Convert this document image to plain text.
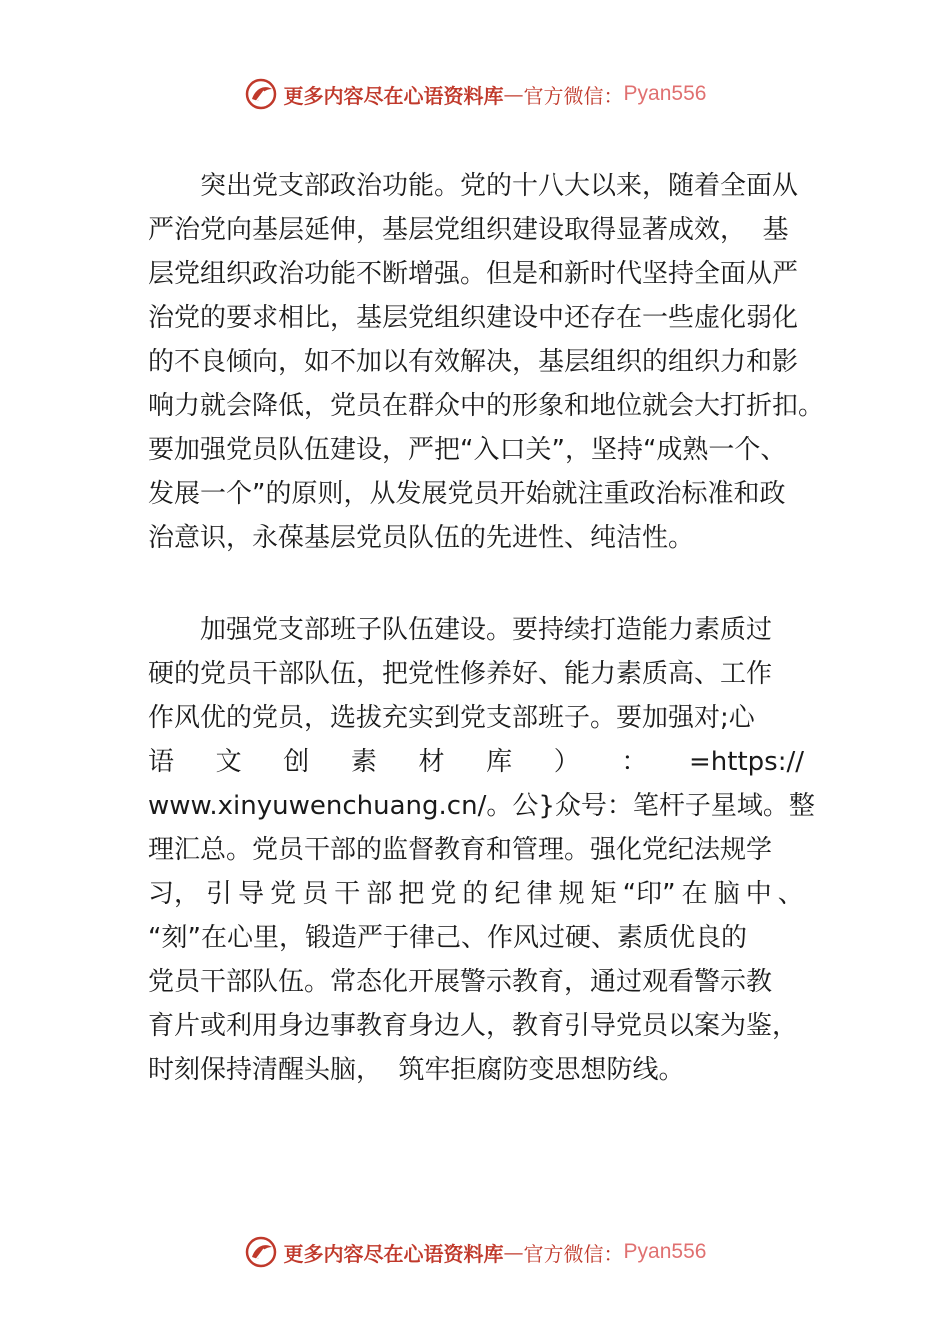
更多内容尽在心语资料库 — 官方微信： Pyan556

突出党支部政治功能。党的十八大以来，随着全面从
严治党向基层延伸，基层党组织建设取得显著成效，  基
层党组织政治功能不断增强。但是和新时代坚持全面从严
治党的要求相比，基层党组织建设中还存在一些虚化弱化
的不良倾向，如不加以有效解决，基层组织的组织力和影
响力就会降低，党员在群众中的形象和地位就会大打折扣。
要加强党员队伍建设，严把“入口关”，坚持“成熟一个、
发展一个”的原则，从发展党员开始就注重政治标准和政
治意识，永葆基层党员队伍的先进性、纯洁性。

加强党支部班子队伍建设。要持续打造能力素质过
硬的党员干部队伍，把党性修养好、能力素质高、工作
作风优的党员，选拔充实到党支部班子。要加强对;心
语 文 创 素 材 库 ） ： =https://
www.xinyuwenchuang.cn/。公}众号：笔杆子星域。整
理汇总。党员干部的监督教育和管理。强化党纪法规学
习， 引 导 党 员 干 部 把 党 的 纪 律 规 矩 “印” 在 脑 中 、
“刻”在心里，锻造严于律己、作风过硬、素质优良的
党员干部队伍。常态化开展警示教育，通过观看警示教
育片或利用身边事教育身边人，教育引导党员以案为鉴，
时刻保持清醒头脑，  筑牢拒腐防变思想防线。

更多内容尽在心语资料库 — 官方微信： Pyan556
